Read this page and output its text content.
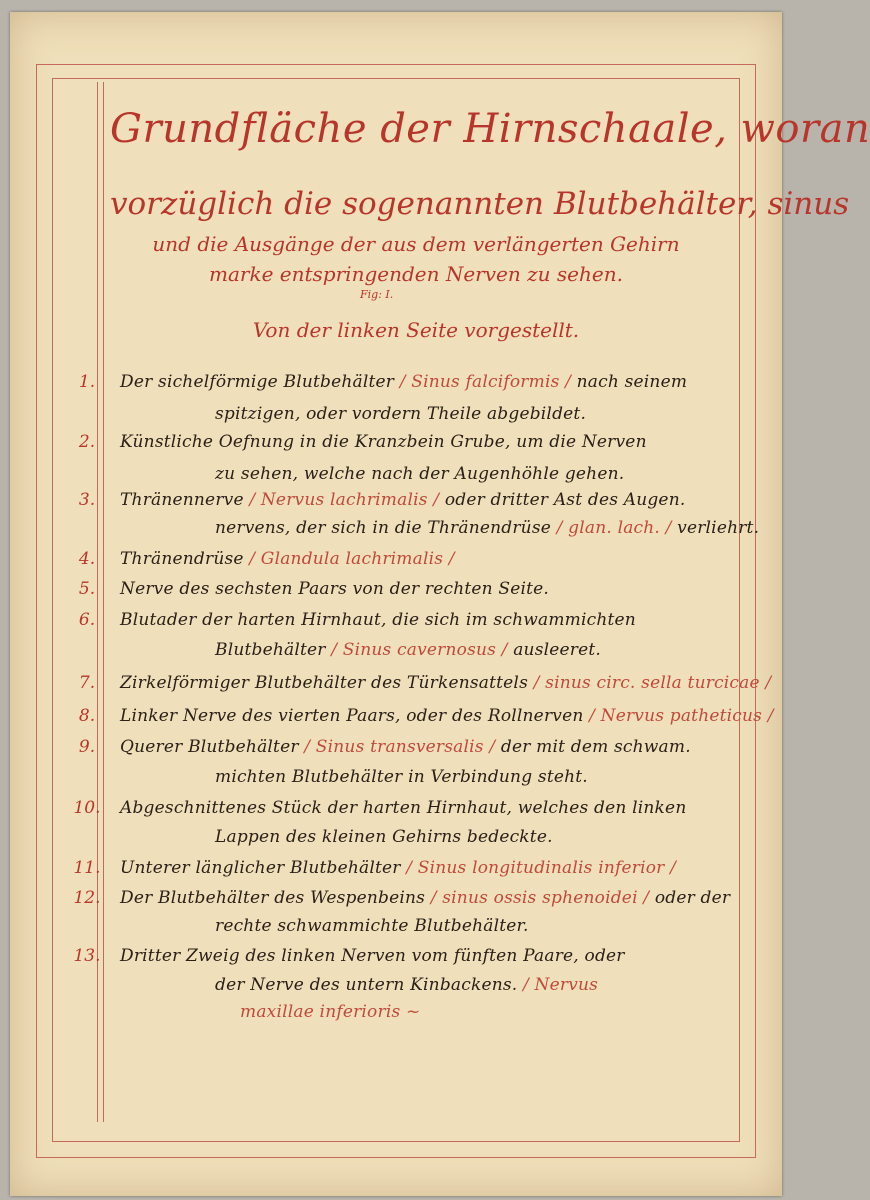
Grundfläche der Hirnschaale, woran
vorzüglich die sogenannten Blutbehälter, sinus
und die Ausgänge der aus dem verlängerten Gehirn
marke entspringenden Nerven zu sehen.
Fig: I.
Von der linken Seite vorgestellt.
1.	Der sichelförmige Blutbehälter / Sinus falciformis / nach seinem
spitzigen, oder vordern Theile abgebildet.
2.	Künstliche Oefnung in die Kranzbein Grube, um die Nerven
zu sehen, welche nach der Augenhöhle gehen.
3.	Thränennerve / Nervus lachrimalis / oder dritter Ast des Augen.
nervens, der sich in die Thränendrüse / glan. lach. / verliehrt.
4.	Thränendrüse / Glandula lachrimalis /
5.	Nerve des sechsten Paars von der rechten Seite.
6.	Blutader der harten Hirnhaut, die sich im schwammichten
Blutbehälter / Sinus cavernosus / ausleeret.
7.	Zirkelförmiger Blutbehälter des Türkensattels / sinus circ. sella turcicae /
8.	Linker Nerve des vierten Paars, oder des Rollnerven / Nervus patheticus /
9.	Querer Blutbehälter / Sinus transversalis / der mit dem schwam.
michten Blutbehälter in Verbindung steht.
10.	Abgeschnittenes Stück der harten Hirnhaut, welches den linken
Lappen des kleinen Gehirns bedeckte.
11.	Unterer länglicher Blutbehälter / Sinus longitudinalis inferior /
12.	Der Blutbehälter des Wespenbeins / sinus ossis sphenoidei / oder der
rechte schwammichte Blutbehälter.
13.	Dritter Zweig des linken Nerven vom fünften Paare, oder
der Nerve des untern Kinbackens. / Nervus
maxillae inferioris ~
